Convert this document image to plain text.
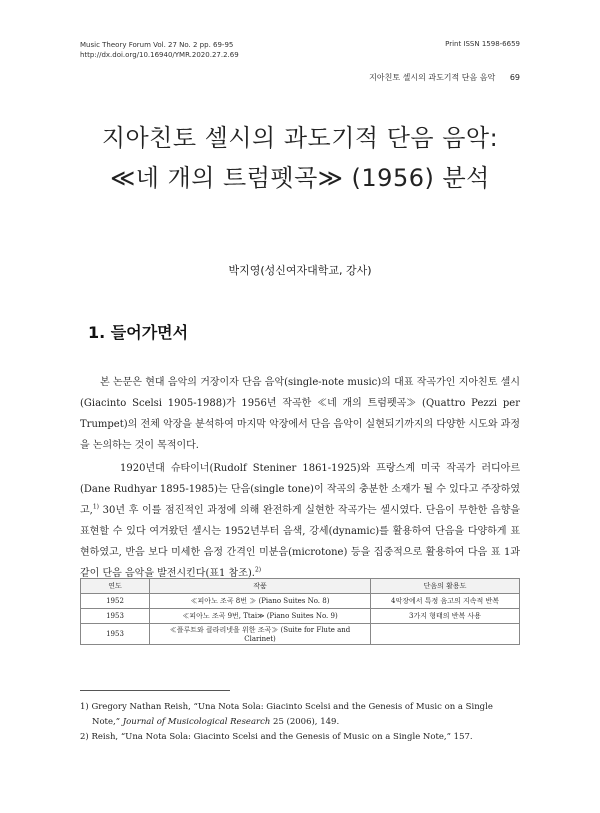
Music Theory Forum Vol. 27 No. 2 pp. 69-95
http://dx.doi.org/10.16940/YMR.2020.27.2.69
Print ISSN 1598-6659
지아친토 셀시의 과도기적 단음 음악 69
지아친토 셀시의 과도기적 단음 음악:
≪네 개의 트럼펫곡≫ (1956) 분석
박지영(성신여자대학교, 강사)
1. 들어가면서

본 논문은 현대 음악의 거장이자 단음 음악(single-note music)의 대표 작곡가인 지아친토 셀시(Giacinto Scelsi 1905-1988)가 1956년 작곡한 ≪네 개의 트럼펫곡≫ (Quattro Pezzi per Trumpet)의 전체 악장을 분석하여 마지막 악장에서 단음 음악이 실현되기까지의 다양한 시도와 과정을 논의하는 것이 목적이다.

1920년대 슈타이너(Rudolf Steniner 1861-1925)와 프랑스계 미국 작곡가 러디아르(Dane Rudhyar 1895-1985)는 단음(single tone)이 작곡의 충분한 소재가 될 수 있다고 주장하였고,$^{1)}$ 30년 후 이를 점진적인 과정에 의해 완전하게 실현한 작곡가는 셀시였다. 단음이 무한한 음향을 표현할 수 있다 여겨왔던 셀시는 1952년부터 음색, 강세(dynamic)를 활용하여 단음을 다양하게 표현하였고, 반음 보다 미세한 음정 간격인 미분음(microtone) 등을 집중적으로 활용하여 다음 표 1과 같이 단음 음악을 발전시킨다(표1 참조).$^{2)}$

연도	작품	단음의 활용도
1952	≪피아노 조곡 8번 ≫ (Piano Suites No. 8)	4악장에서 특정 음고의 지속적 반복
1953	≪피아노 조곡 9번, Ttai≫ (Piano Suites No. 9)	3가지 형태의 반복 사용
1953	≪플루트와 클라리넷을 위한 조곡≫ (Suite for Flute and Clarinet)	
1) Gregory Nathan Reish, “Una Nota Sola: Giacinto Scelsi and the Genesis of Music on a Single Note,” Journal of Musicological Research 25 (2006), 149.
2) Reish, “Una Nota Sola: Giacinto Scelsi and the Genesis of Music on a Single Note,” 157.
